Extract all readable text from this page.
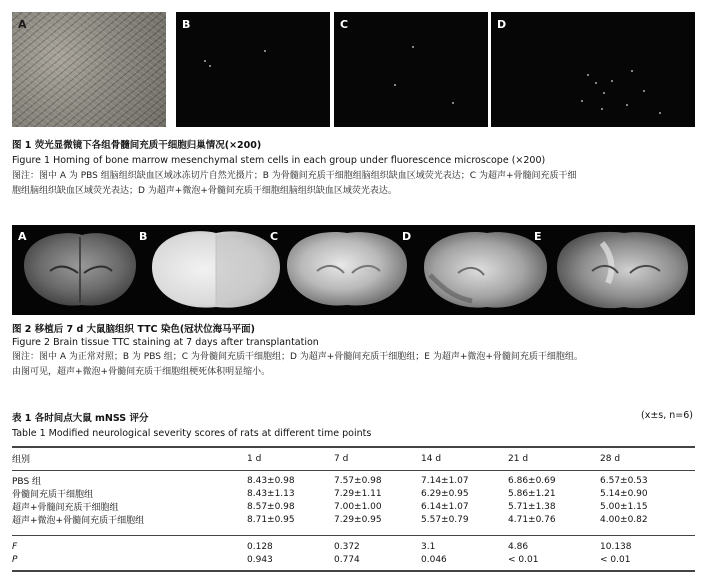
A	B	C	D
图 1 荧光显微镜下各组骨髓间充质干细胞归巢情况(×200)
Figure 1 Homing of bone marrow mesenchymal stem cells in each group under fluorescence microscope (×200)
图注：图中 A 为 PBS 组脑组织缺血区域冰冻切片自然光摄片；B 为骨髓间充质干细胞组脑组织缺血区域荧光表达；C 为超声+骨髓间充质干细
胞组脑组织缺血区域荧光表达；D 为超声+微泡+骨髓间充质干细胞组脑组织缺血区域荧光表达。
A	B	C	D	E
图 2 移植后 7 d 大鼠脑组织 TTC 染色(冠状位海马平面)
Figure 2 Brain tissue TTC staining at 7 days after transplantation
图注：图中 A 为正常对照；B 为 PBS 组；C 为骨髓间充质干细胞组；D 为超声+骨髓间充质干细胞组；E 为超声+微泡+骨髓间充质干细胞组。
由图可见，超声+微泡+骨髓间充质干细胞组梗死体积明显缩小。
表 1 各时间点大鼠 mNSS 评分	(x±s, n=6)
Table 1 Modified neurological severity scores of rats at different time points
组别	1 d	7 d	14 d	21 d	28 d
PBS 组	8.43±0.98	7.57±0.98	7.14±1.07	6.86±0.69	6.57±0.53
骨髓间充质干细胞组	8.43±1.13	7.29±1.11	6.29±0.95	5.86±1.21	5.14±0.90
超声+骨髓间充质干细胞组	8.57±0.98	7.00±1.00	6.14±1.07	5.71±1.38	5.00±1.15
超声+微泡+骨髓间充质干细胞组	8.71±0.95	7.29±0.95	5.57±0.79	4.71±0.76	4.00±0.82
F	0.128	0.372	3.1	4.86	10.138
P	0.943	0.774	0.046	< 0.01	< 0.01
